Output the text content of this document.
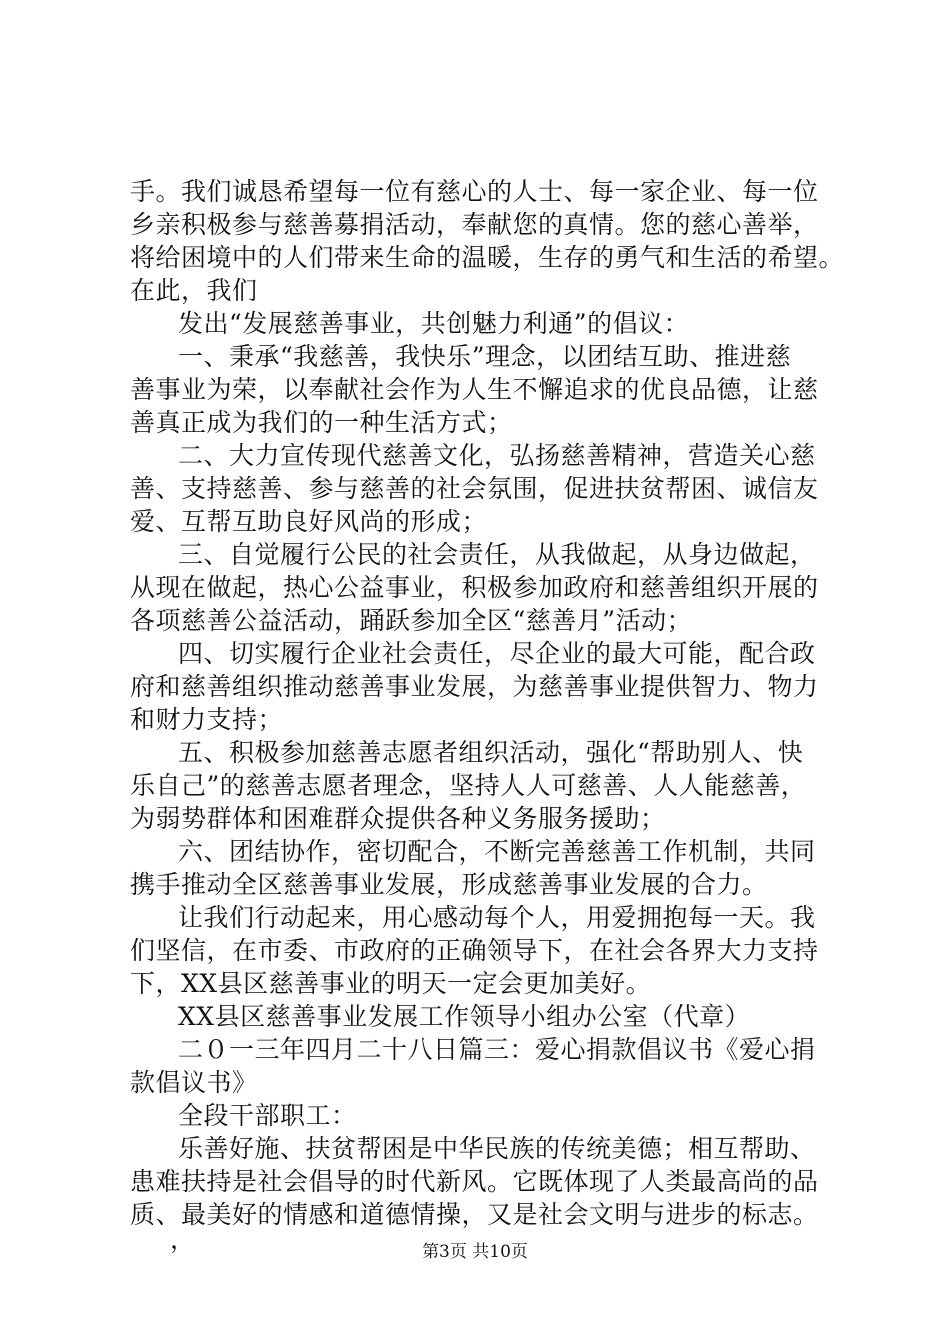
手。我们诚恳希望每一位有慈心的人士、每一家企业、每一位
乡亲积极参与慈善募捐活动，奉献您的真情。您的慈心善举，
将给困境中的人们带来生命的温暖，生存的勇气和生活的希望。
在此，我们
发出“发展慈善事业，共创魅力利通”的倡议：
一、秉承“我慈善，我快乐”理念，以团结互助、推进慈
善事业为荣，以奉献社会作为人生不懈追求的优良品德，让慈
善真正成为我们的一种生活方式；
二、大力宣传现代慈善文化，弘扬慈善精神，营造关心慈
善、支持慈善、参与慈善的社会氛围，促进扶贫帮困、诚信友
爱、互帮互助良好风尚的形成；
三、自觉履行公民的社会责任，从我做起，从身边做起，
从现在做起，热心公益事业，积极参加政府和慈善组织开展的
各项慈善公益活动，踊跃参加全区“慈善月”活动；
四、切实履行企业社会责任，尽企业的最大可能，配合政
府和慈善组织推动慈善事业发展，为慈善事业提供智力、物力
和财力支持；
五、积极参加慈善志愿者组织活动，强化“帮助别人、快
乐自己”的慈善志愿者理念，坚持人人可慈善、人人能慈善，
为弱势群体和困难群众提供各种义务服务援助；
六、团结协作，密切配合，不断完善慈善工作机制，共同
携手推动全区慈善事业发展，形成慈善事业发展的合力。
让我们行动起来，用心感动每个人，用爱拥抱每一天。我
们坚信，在市委、市政府的正确领导下，在社会各界大力支持
下，XX县区慈善事业的明天一定会更加美好。
XX县区慈善事业发展工作领导小组办公室（代章）
二０一三年四月二十八日篇三：爱心捐款倡议书《爱心捐
款倡议书》
全段干部职工：
乐善好施、扶贫帮困是中华民族的传统美德；相互帮助、
患难扶持是社会倡导的时代新风。它既体现了人类最高尚的品
质、最美好的情感和道德情操，又是社会文明与进步的标志。
，	第3页 共10页
